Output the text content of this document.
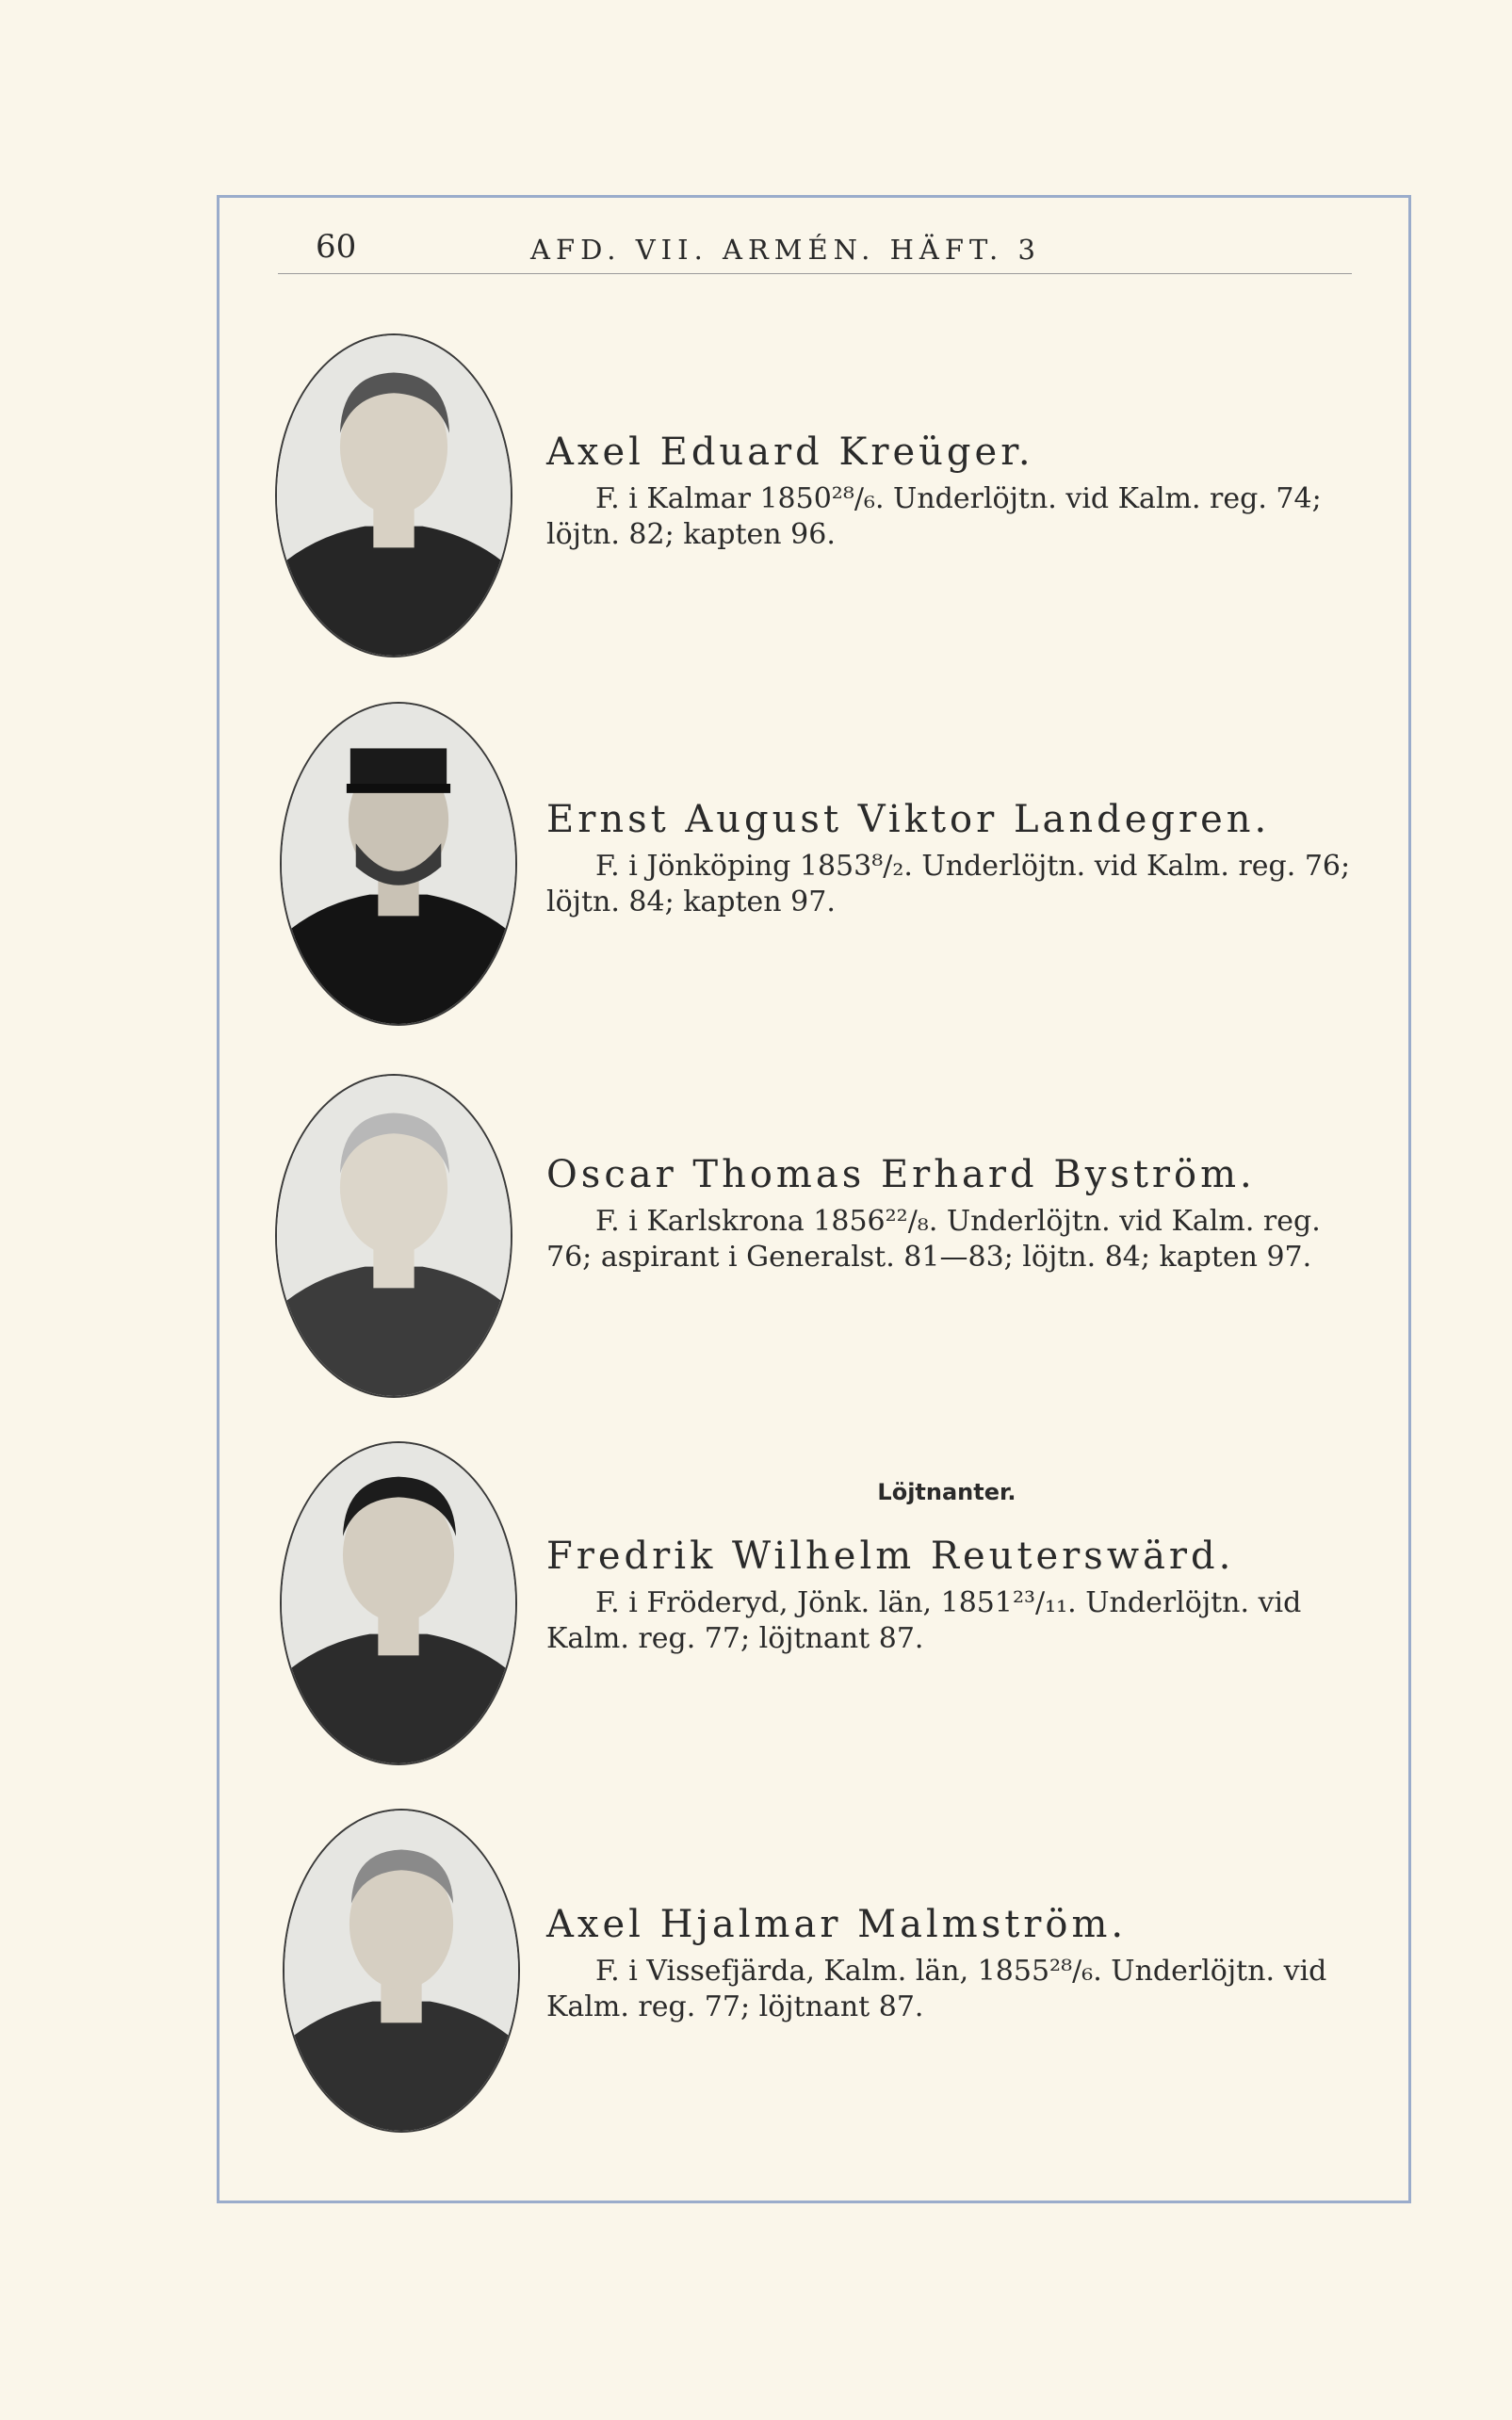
60	AFD. VII. ARMÉN. HÄFT. 3
Axel Eduard Kreüger.
F. i Kalmar 1850²⁸/₆. Underlöjtn. vid Kalm. reg. 74; löjtn. 82; kapten 96.
Ernst August Viktor Landegren.
F. i Jönköping 1853⁸/₂. Underlöjtn. vid Kalm. reg. 76; löjtn. 84; kapten 97.
Oscar Thomas Erhard Byström.
F. i Karlskrona 1856²²/₈. Underlöjtn. vid Kalm. reg. 76; aspirant i Generalst. 81—83; löjtn. 84; kapten 97.
Löjtnanter.
Fredrik Wilhelm Reuterswärd.
F. i Fröderyd, Jönk. län, 1851²³/₁₁. Underlöjtn. vid Kalm. reg. 77; löjtnant 87.
Axel Hjalmar Malmström.
F. i Vissefjärda, Kalm. län, 1855²⁸/₆. Underlöjtn. vid Kalm. reg. 77; löjtnant 87.
